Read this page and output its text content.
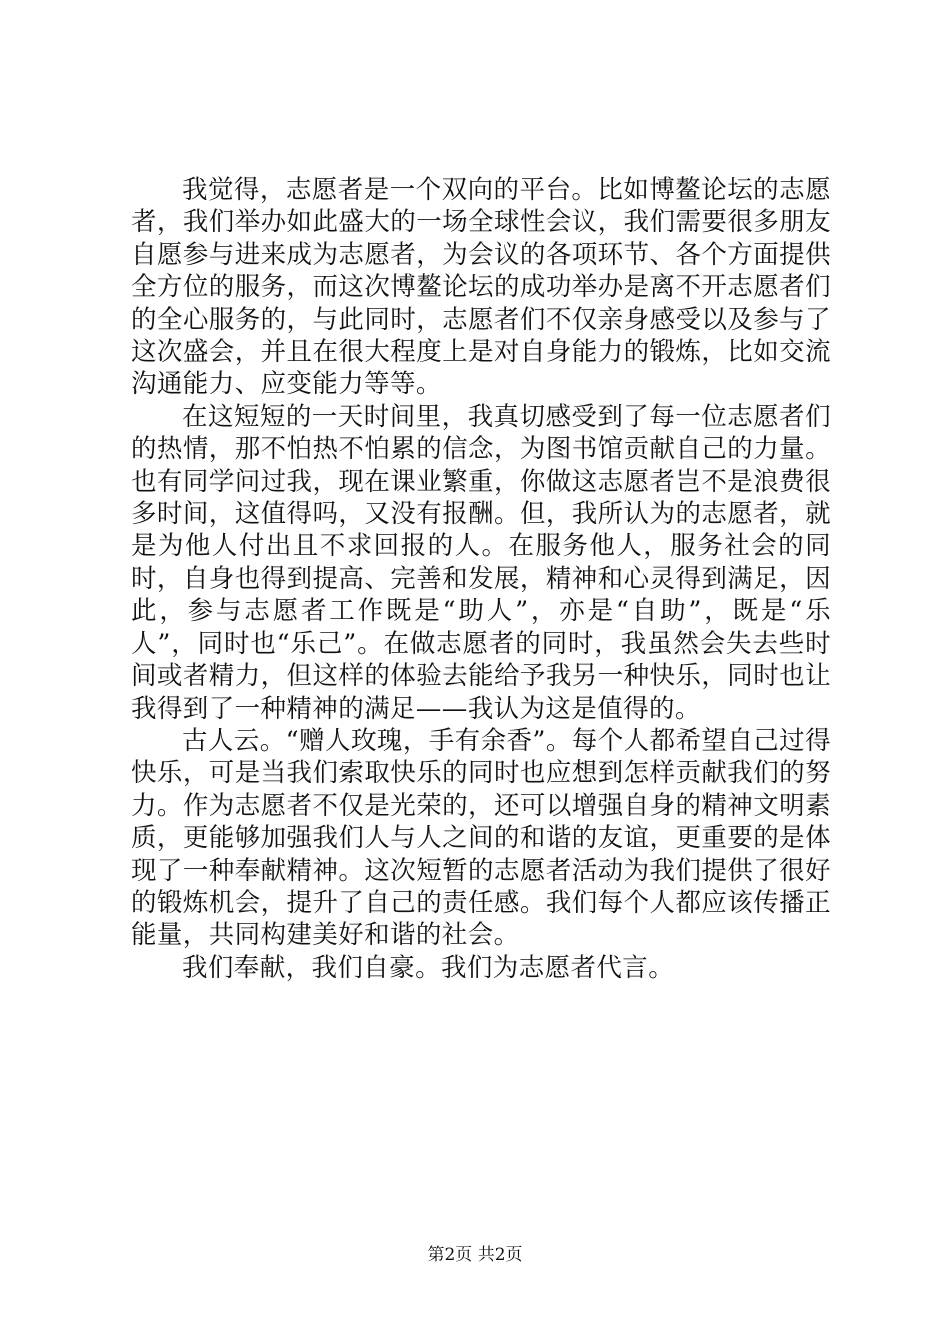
我觉得，志愿者是一个双向的平台。比如博鳌论坛的志愿者，我们举办如此盛大的一场全球性会议，我们需要很多朋友自愿参与进来成为志愿者，为会议的各项环节、各个方面提供全方位的服务，而这次博鳌论坛的成功举办是离不开志愿者们的全心服务的，与此同时，志愿者们不仅亲身感受以及参与了这次盛会，并且在很大程度上是对自身能力的锻炼，比如交流沟通能力、应变能力等等。

在这短短的一天时间里，我真切感受到了每一位志愿者们的热情，那不怕热不怕累的信念，为图书馆贡献自己的力量。也有同学问过我，现在课业繁重，你做这志愿者岂不是浪费很多时间，这值得吗，又没有报酬。但，我所认为的志愿者，就是为他人付出且不求回报的人。在服务他人，服务社会的同时，自身也得到提高、完善和发展，精神和心灵得到满足，因此，参与志愿者工作既是“助人”，亦是“自助”，既是“乐人”，同时也“乐己”。在做志愿者的同时，我虽然会失去些时间或者精力，但这样的体验去能给予我另一种快乐，同时也让我得到了一种精神的满足——我认为这是值得的。

古人云。“赠人玫瑰，手有余香”。每个人都希望自己过得快乐，可是当我们索取快乐的同时也应想到怎样贡献我们的努力。作为志愿者不仅是光荣的，还可以增强自身的精神文明素质，更能够加强我们人与人之间的和谐的友谊，更重要的是体现了一种奉献精神。这次短暂的志愿者活动为我们提供了很好的锻炼机会，提升了自己的责任感。我们每个人都应该传播正能量，共同构建美好和谐的社会。

我们奉献，我们自豪。我们为志愿者代言。

第2页 共2页
